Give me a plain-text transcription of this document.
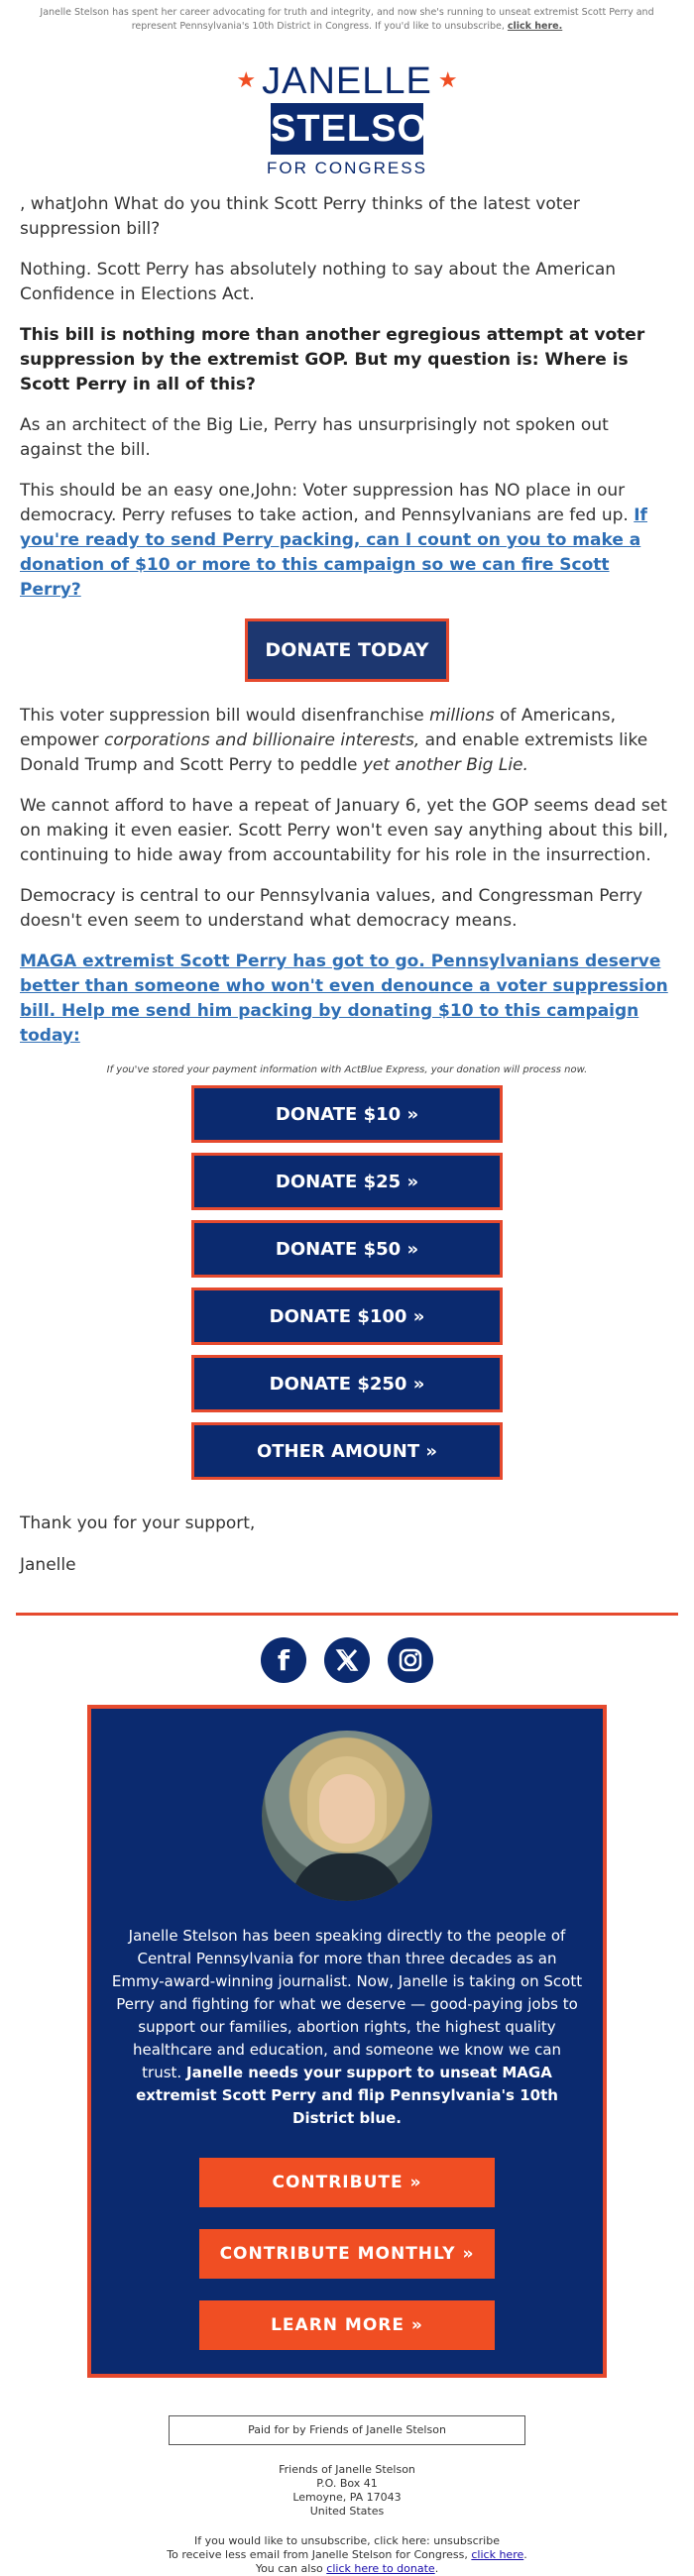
Janelle Stelson has spent her career advocating for truth and integrity, and now she's running to unseat extremist Scott Perry and represent Pennsylvania's 10th District in Congress. If you'd like to unsubscribe, click here.
★ JANELLE ★
STELSON
FOR CONGRESS

, whatJohn What do you think Scott Perry thinks of the latest voter suppression bill?

Nothing. Scott Perry has absolutely nothing to say about the American Confidence in Elections Act.

This bill is nothing more than another egregious attempt at voter suppression by the extremist GOP. But my question is: Where is Scott Perry in all of this?

As an architect of the Big Lie, Perry has unsurprisingly not spoken out against the bill.

This should be an easy one,John: Voter suppression has NO place in our democracy. Perry refuses to take action, and Pennsylvanians are fed up. If you're ready to send Perry packing, can I count on you to make a donation of $10 or more to this campaign so we can fire Scott Perry?

DONATE TODAY

This voter suppression bill would disenfranchise millions of Americans, empower corporations and billionaire interests, and enable extremists like Donald Trump and Scott Perry to peddle yet another Big Lie.

We cannot afford to have a repeat of January 6, yet the GOP seems dead set on making it even easier. Scott Perry won't even say anything about this bill, continuing to hide away from accountability for his role in the insurrection.

Democracy is central to our Pennsylvania values, and Congressman Perry doesn't even seem to understand what democracy means.

MAGA extremist Scott Perry has got to go. Pennsylvanians deserve better than someone who won't even denounce a voter suppression bill. Help me send him packing by donating $10 to this campaign today:

If you've stored your payment information with ActBlue Express, your donation will process now.
DONATE $10 »
DONATE $25 »
DONATE $50 »
DONATE $100 »
DONATE $250 »
OTHER AMOUNT »

Thank you for your support,

Janelle

f
Janelle Stelson has been speaking directly to the people of Central Pennsylvania for more than three decades as an Emmy-award-winning journalist. Now, Janelle is taking on Scott Perry and fighting for what we deserve — good-paying jobs to support our families, abortion rights, the highest quality healthcare and education, and someone we know we can trust. Janelle needs your support to unseat MAGA extremist Scott Perry and flip Pennsylvania's 10th District blue.
CONTRIBUTE »
CONTRIBUTE MONTHLY »
LEARN MORE »
Paid for by Friends of Janelle Stelson
Friends of Janelle Stelson
P.O. Box 41
Lemoyne, PA 17043
United States
If you would like to unsubscribe, click here: unsubscribe
To receive less email from Janelle Stelson for Congress, click here.
You can also click here to donate.
